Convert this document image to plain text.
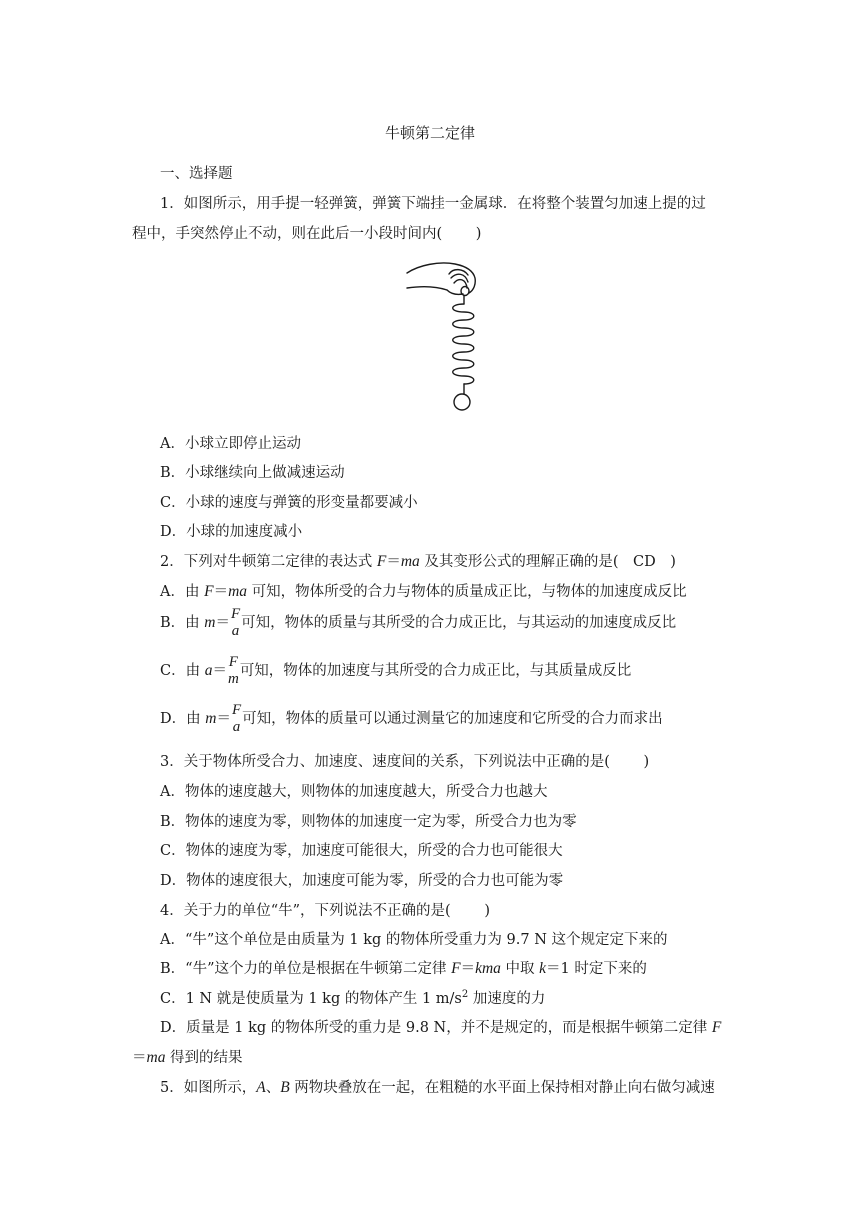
牛顿第二定律
一、选择题
1．如图所示，用手提一轻弹簧，弹簧下端挂一金属球．在将整个装置匀加速上提的过
程中，手突然停止不动，则在此后一小段时间内(　　 )
A．小球立即停止运动
B．小球继续向上做减速运动
C．小球的速度与弹簧的形变量都要减小
D．小球的加速度减小
2．下列对牛顿第二定律的表达式 F＝ma 及其变形公式的理解正确的是(　CD　)
A．由 F＝ma 可知，物体所受的合力与物体的质量成正比，与物体的加速度成反比
B．由 m＝
F
a 可知，物体的质量与其所受的合力成正比，与其运动的加速度成反比
C．由 a＝
F
m 可知，物体的加速度与其所受的合力成正比，与其质量成反比
D．由 m＝
F
a 可知，物体的质量可以通过测量它的加速度和它所受的合力而求出
3．关于物体所受合力、加速度、速度间的关系，下列说法中正确的是(　　 )
A．物体的速度越大，则物体的加速度越大，所受合力也越大
B．物体的速度为零，则物体的加速度一定为零，所受合力也为零
C．物体的速度为零，加速度可能很大，所受的合力也可能很大
D．物体的速度很大，加速度可能为零，所受的合力也可能为零
4．关于力的单位“牛”，下列说法不正确的是(　　 )
A．“牛”这个单位是由质量为 1 kg 的物体所受重力为 9.7 N 这个规定定下来的
B．“牛”这个力的单位是根据在牛顿第二定律 F＝kma 中取 k＝1 时定下来的
C．1 N 就是使质量为 1 kg 的物体产生 1 $m/s^2$ 加速度的力
D．质量是 1 kg 的物体所受的重力是 9.8 N，并不是规定的，而是根据牛顿第二定律 F
＝ma 得到的结果
5．如图所示，A、B 两物块叠放在一起，在粗糙的水平面上保持相对静止向右做匀减速
